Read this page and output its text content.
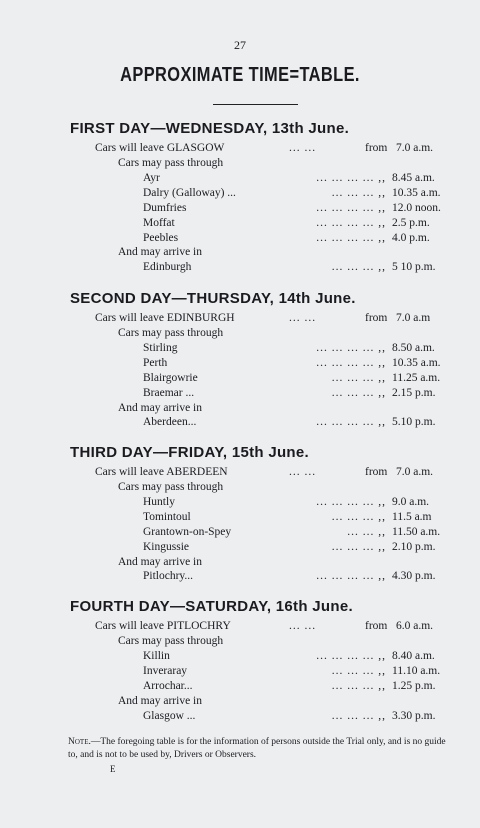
27
APPROXIMATE TIME=TABLE.
FIRST DAY—WEDNESDAY, 13th June.
Cars will leave GLASGOW	... ...	from 7.0 a.m.
Cars may pass through
Ayr	... ... ... ... ,, 8.45 a.m.
Dalry (Galloway) ...	... ... ... ,, 10.35 a.m.
Dumfries	... ... ... ... ,, 12.0 noon.
Moffat	... ... ... ... ,, 2.5 p.m.
Peebles	... ... ... ... ,, 4.0 p.m.
And may arrive in
Edinburgh	... ... ... ,, 5 10 p.m.
SECOND DAY—THURSDAY, 14th June.
Cars will leave EDINBURGH	... ...	from 7.0 a.m
Cars may pass through
Stirling	... ... ... ... ,, 8.50 a.m.
Perth	... ... ... ... ,, 10.35 a.m.
Blairgowrie	... ... ... ,, 11.25 a.m.
Braemar ...	... ... ... ,, 2.15 p.m.
And may arrive in
Aberdeen...	... ... ... ... ,, 5.10 p.m.
THIRD DAY—FRIDAY, 15th June.
Cars will leave ABERDEEN	... ...	from 7.0 a.m.
Cars may pass through
Huntly	... ... ... ... ,, 9.0 a.m.
Tomintoul	... ... ... ,, 11.5 a.m
Grantown-on-Spey	... ... ,, 11.50 a.m.
Kingussie	... ... ... ,, 2.10 p.m.
And may arrive in
Pitlochry...	... ... ... ... ,, 4.30 p.m.
FOURTH DAY—SATURDAY, 16th June.
Cars will leave PITLOCHRY	... ...	from 6.0 a.m.
Cars may pass through
Killin	... ... ... ... ,, 8.40 a.m.
Inveraray	... ... ... ,, 11.10 a.m.
Arrochar...	... ... ... ,, 1.25 p.m.
And may arrive in
Glasgow ...	... ... ... ,, 3.30 p.m.
Note.—The foregoing table is for the information of persons outside the Trial only, and is no guide to, and is not to be used by, Drivers or Observers.
E
